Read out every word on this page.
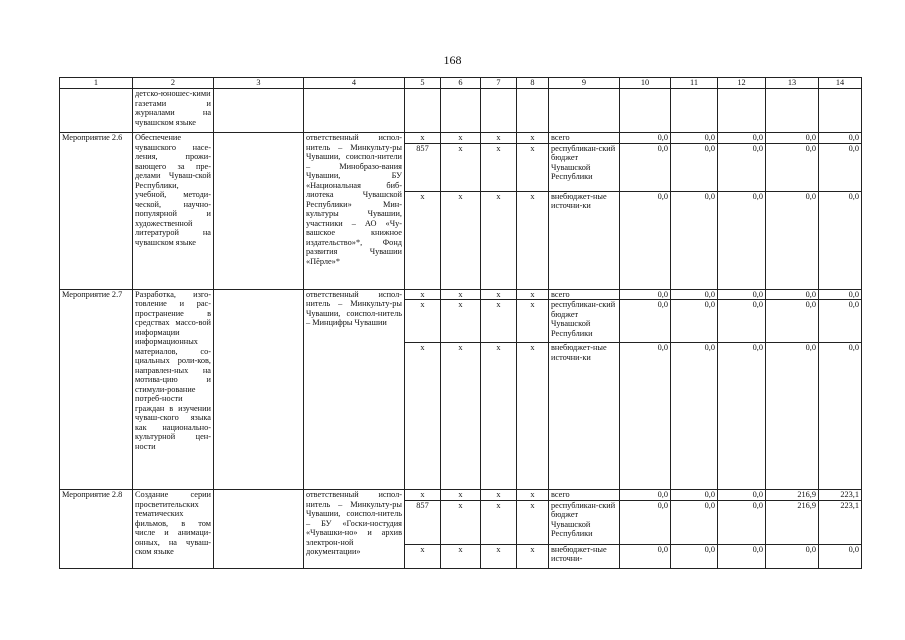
168
1	2	3	4	5	6	7	8	9	10	11	12	13	14
	детско-юношес-кими газетами и журналами на чувашском языке												
Мероприятие 2.6	Обеспечение чувашского насе-ления, прожи-вающего за пре-делами Чуваш-ской Республики, учебной, методи-ческой, научно-популярной и художественной литературой на чувашском языке		ответственный испол-нитель – Минкульту-ры Чувашии, соиспол-нители – Минобразо-вания Чувашии, БУ «Национальная биб-лиотека Чувашской Республики» Мин-культуры Чувашии, участники – АО «Чу-вашское книжное издательство»*, Фонд развития Чувашии «Пĕрле»*	х	х	х	х	всего	0,0	0,0	0,0	0,0	0,0
				857	х	х	х	республикан-ский бюджет Чувашской Республики	0,0	0,0	0,0	0,0	0,0
				х	х	х	х	внебюджет-ные источни-ки	0,0	0,0	0,0	0,0	0,0
Мероприятие 2.7	Разработка, изго-товление и рас-пространение в средствах массо-вой информации информационных материалов, со-циальных роли-ков, направлен-ных на мотива-цию и стимули-рование потреб-ности граждан в изучении чуваш-ского языка как национально-культурной цен-ности		ответственный испол-нитель – Минкульту-ры Чувашии, соиспол-нитель – Минцифры Чувашии	х	х	х	х	всего	0,0	0,0	0,0	0,0	0,0
				х	х	х	х	республикан-ский бюджет Чувашской Республики	0,0	0,0	0,0	0,0	0,0
				х	х	х	х	внебюджет-ные источни-ки	0,0	0,0	0,0	0,0	0,0
Мероприятие 2.8	Создание серии просветительских тематических фильмов, в том числе и анимаци-онных, на чуваш-ском языке		ответственный испол-нитель – Минкульту-ры Чувашии, соиспол-нитель – БУ «Госки-ностудия «Чувашки-но» и архив электрон-ной документации»	х	х	х	х	всего	0,0	0,0	0,0	216,9	223,1
				857	х	х	х	республикан-ский бюджет Чувашской Республики	0,0	0,0	0,0	216,9	223,1
				х	х	х	х	внебюджет-ные источни-	0,0	0,0	0,0	0,0	0,0
